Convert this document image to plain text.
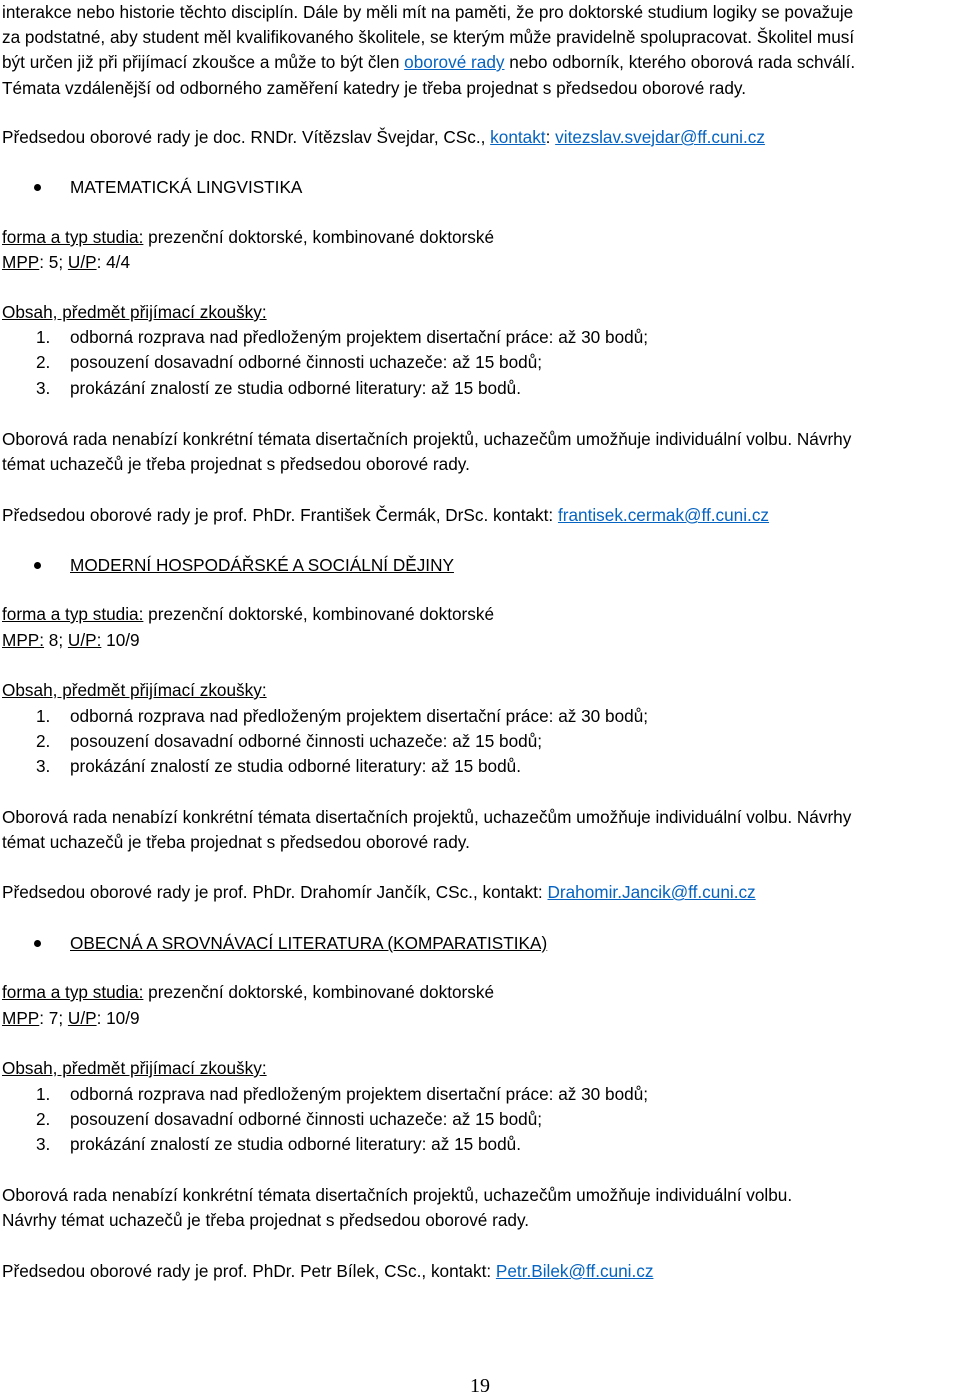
interakce nebo historie těchto disciplín. Dále by měli mít na paměti, že pro doktorské studium logiky se považuje
za podstatné, aby student měl kvalifikovaného školitele, se kterým může pravidelně spolupracovat. Školitel musí
být určen již při přijímací zkoušce a může to být člen oborové rady nebo odborník, kterého oborová rada schválí.
Témata vzdálenější od odborného zaměření katedry je třeba projednat s předsedou oborové rady.
Předsedou oborové rady je doc. RNDr. Vítězslav Švejdar, CSc., kontakt: vitezslav.svejdar@ff.cuni.cz
MATEMATICKÁ LINGVISTIKA
forma a typ studia: prezenční doktorské, kombinované doktorské
MPP: 5; U/P: 4/4
Obsah, předmět přijímací zkoušky:
1. odborná rozprava nad předloženým projektem disertační práce: až 30 bodů;
2. posouzení dosavadní odborné činnosti uchazeče: až 15 bodů;
3. prokázání znalostí ze studia odborné literatury: až 15 bodů.
Oborová rada nenabízí konkrétní témata disertačních projektů, uchazečům umožňuje individuální volbu. Návrhy
témat uchazečů je třeba projednat s předsedou oborové rady.
Předsedou oborové rady je prof. PhDr. František Čermák, DrSc. kontakt: frantisek.cermak@ff.cuni.cz
MODERNÍ HOSPODÁŘSKÉ A SOCIÁLNÍ DĚJINY
forma a typ studia: prezenční doktorské, kombinované doktorské
MPP: 8; U/P: 10/9
Obsah, předmět přijímací zkoušky:
1. odborná rozprava nad předloženým projektem disertační práce: až 30 bodů;
2. posouzení dosavadní odborné činnosti uchazeče: až 15 bodů;
3. prokázání znalostí ze studia odborné literatury: až 15 bodů.
Oborová rada nenabízí konkrétní témata disertačních projektů, uchazečům umožňuje individuální volbu. Návrhy
témat uchazečů je třeba projednat s předsedou oborové rady.
Předsedou oborové rady je prof. PhDr. Drahomír Jančík, CSc., kontakt: Drahomir.Jancik@ff.cuni.cz
OBECNÁ A SROVNÁVACÍ LITERATURA (KOMPARATISTIKA)
forma a typ studia: prezenční doktorské, kombinované doktorské
MPP: 7; U/P: 10/9
Obsah, předmět přijímací zkoušky:
1. odborná rozprava nad předloženým projektem disertační práce: až 30 bodů;
2. posouzení dosavadní odborné činnosti uchazeče: až 15 bodů;
3. prokázání znalostí ze studia odborné literatury: až 15 bodů.
Oborová rada nenabízí konkrétní témata disertačních projektů, uchazečům umožňuje individuální volbu.
Návrhy témat uchazečů je třeba projednat s předsedou oborové rady.
Předsedou oborové rady je prof. PhDr. Petr Bílek, CSc., kontakt: Petr.Bilek@ff.cuni.cz
19
